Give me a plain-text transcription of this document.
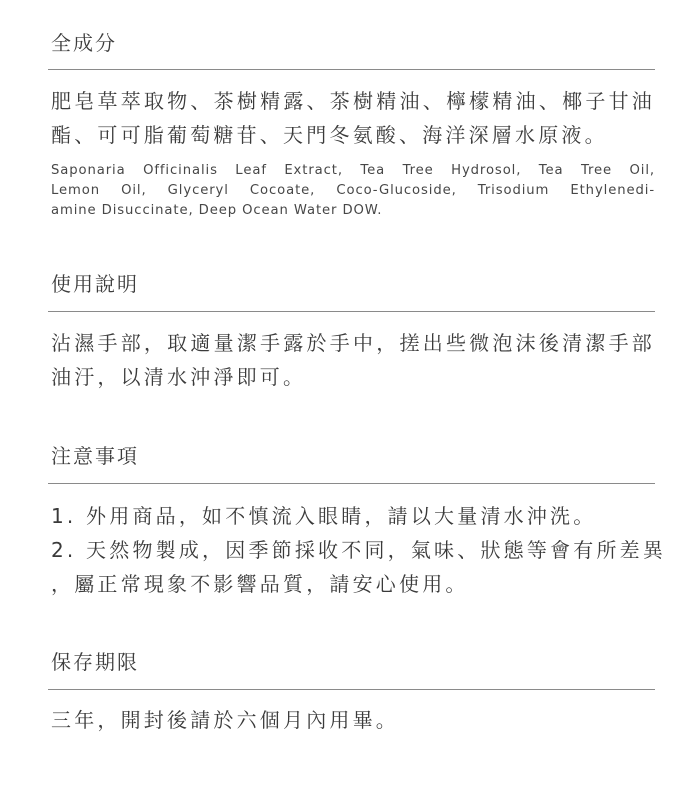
全成分

肥皂草萃取物、茶樹精露、茶樹精油、檸檬精油、椰子甘油
酯、可可脂葡萄糖苷、天門冬氨酸、海洋深層水原液。

Saponaria Officinalis Leaf Extract, Tea Tree Hydrosol, Tea Tree Oil,
Lemon Oil, Glyceryl Cocoate, Coco-Glucoside, Trisodium Ethylenedi-
amine Disuccinate, Deep Ocean Water DOW.

使用說明

沾濕手部，取適量潔手露於手中，搓出些微泡沫後清潔手部
油汙，以清水沖淨即可。

注意事項

1. 外用商品，如不慎流入眼睛，請以大量清水沖洗。
2. 天然物製成，因季節採收不同，氣味、狀態等會有所差異
，屬正常現象不影響品質，請安心使用。

保存期限

三年，開封後請於六個月內用畢。
